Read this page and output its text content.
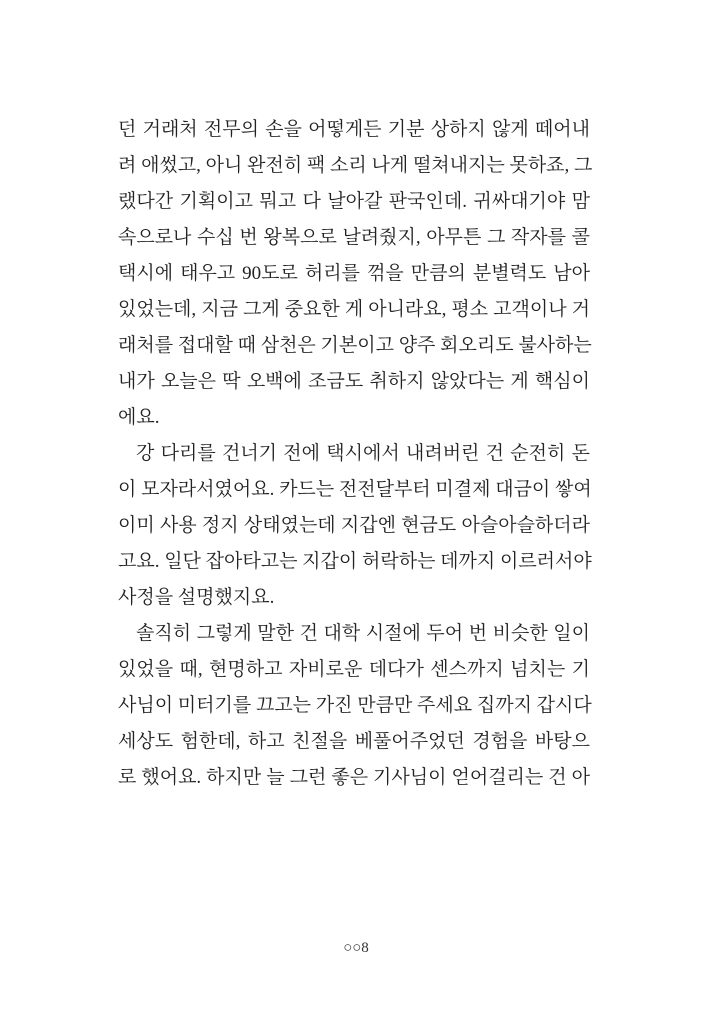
던 거래처 전무의 손을 어떻게든 기분 상하지 않게 떼어내
려 애썼고, 아니 완전히 팩 소리 나게 떨쳐내지는 못하죠, 그
랬다간 기획이고 뭐고 다 날아갈 판국인데. 귀싸대기야 맘
속으로나 수십 번 왕복으로 날려줬지, 아무튼 그 작자를 콜
택시에 태우고 90도로 허리를 꺾을 만큼의 분별력도 남아
있었는데, 지금 그게 중요한 게 아니라요, 평소 고객이나 거
래처를 접대할 때 삼천은 기본이고 양주 회오리도 불사하는
내가 오늘은 딱 오백에 조금도 취하지 않았다는 게 핵심이
에요.
강 다리를 건너기 전에 택시에서 내려버린 건 순전히 돈
이 모자라서였어요. 카드는 전전달부터 미결제 대금이 쌓여
이미 사용 정지 상태였는데 지갑엔 현금도 아슬아슬하더라
고요. 일단 잡아타고는 지갑이 허락하는 데까지 이르러서야
사정을 설명했지요.
솔직히 그렇게 말한 건 대학 시절에 두어 번 비슷한 일이
있었을 때, 현명하고 자비로운 데다가 센스까지 넘치는 기
사님이 미터기를 끄고는 가진 만큼만 주세요 집까지 갑시다
세상도 험한데, 하고 친절을 베풀어주었던 경험을 바탕으
로 했어요. 하지만 늘 그런 좋은 기사님이 얻어걸리는 건 아
○○8
